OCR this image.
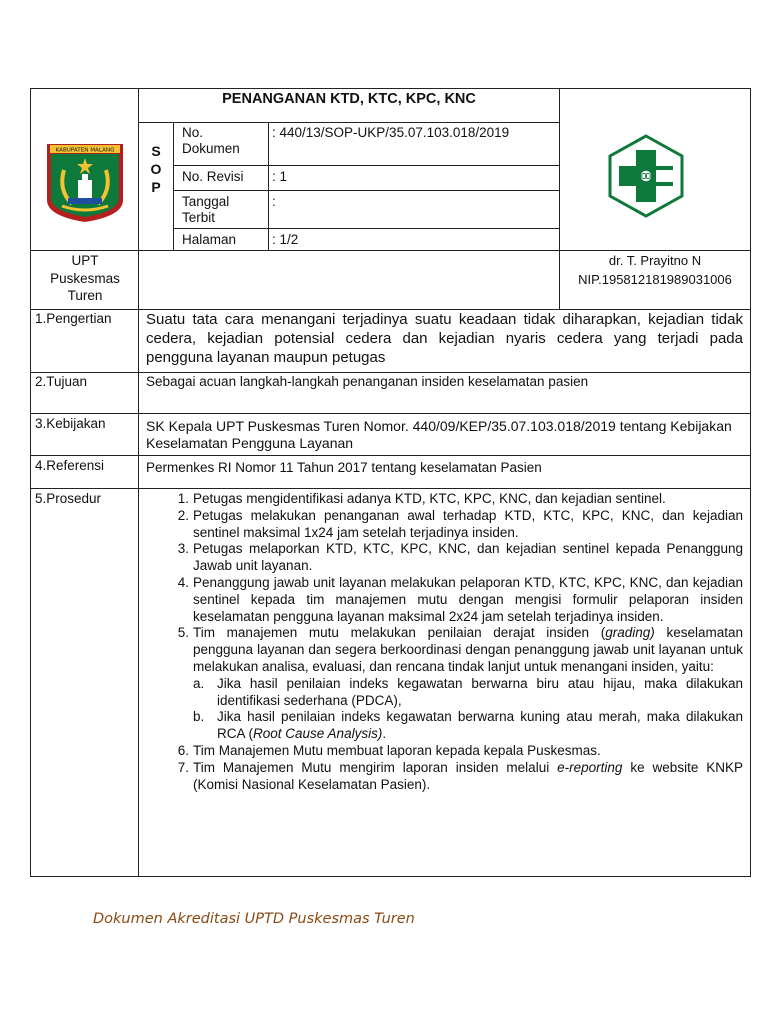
KABUPATEN MALANG
PENANGANAN KTD, KTC, KPC, KNC
S
O
P
No. Dokumen
: 440/13/SOP-UKP/35.07.103.018/2019
No. Revisi	: 1
Tanggal Terbit
:
Halaman	: 1/2
UPT Puskesmas Turen
dr. T. Prayitno N
NIP.195812181989031006
1.Pengertian Suatu tata cara menangani terjadinya suatu keadaan tidak diharapkan, kejadian tidak cedera, kejadian potensial cedera dan kejadian nyaris cedera yang terjadi pada pengguna layanan maupun petugas
2.Tujuan	Sebagai acuan langkah-langkah penanganan insiden keselamatan pasien
3.Kebijakan	SK Kepala UPT Puskesmas Turen Nomor. 440/09/KEP/35.07.103.018/2019 tentang Kebijakan Keselamatan Pengguna Layanan
4.Referensi	Permenkes RI Nomor 11 Tahun 2017 tentang keselamatan Pasien
5.Prosedur	1. Petugas mengidentifikasi adanya KTD, KTC, KPC, KNC, dan kejadian sentinel.
2. Petugas melakukan penanganan awal terhadap KTD, KTC, KPC, KNC, dan kejadian sentinel maksimal 1x24 jam setelah terjadinya insiden.
3. Petugas melaporkan KTD, KTC, KPC, KNC, dan kejadian sentinel kepada Penanggung Jawab unit layanan.
4. Penanggung jawab unit layanan melakukan pelaporan KTD, KTC, KPC, KNC, dan kejadian sentinel kepada tim manajemen mutu dengan mengisi formulir pelaporan insiden keselamatan pengguna layanan maksimal 2x24 jam setelah terjadinya insiden.
5. Tim manajemen mutu melakukan penilaian derajat insiden (grading) keselamatan pengguna layanan dan segera berkoordinasi dengan penanggung jawab unit layanan untuk melakukan analisa, evaluasi, dan rencana tindak lanjut untuk menangani insiden, yaitu:
a. Jika hasil penilaian indeks kegawatan berwarna biru atau hijau, maka dilakukan identifikasi sederhana (PDCA),
b. Jika hasil penilaian indeks kegawatan berwarna kuning atau merah, maka dilakukan RCA (Root Cause Analysis).
6. Tim Manajemen Mutu membuat laporan kepada kepala Puskesmas.
7. Tim Manajemen Mutu mengirim laporan insiden melalui e-reporting ke website KNKP (Komisi Nasional Keselamatan Pasien).
Dokumen Akreditasi UPTD Puskesmas Turen
